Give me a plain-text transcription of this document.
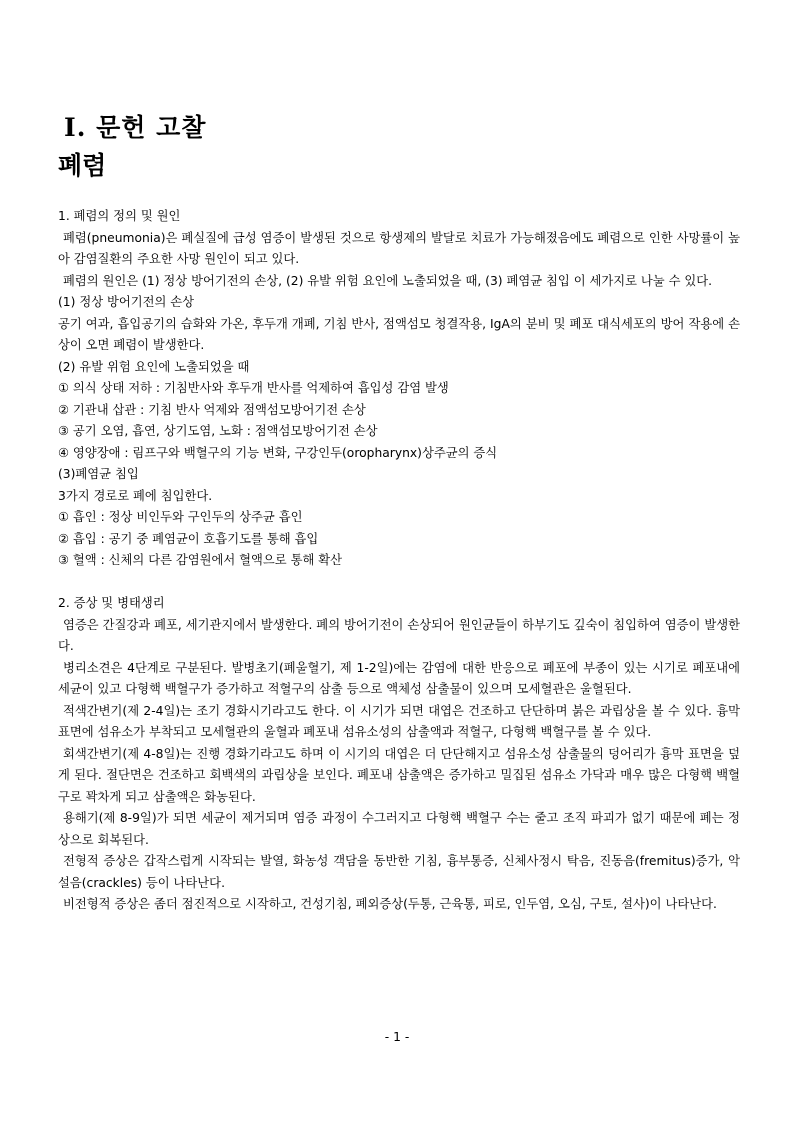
Ⅰ. 문헌 고찰
폐렴

1. 폐렴의 정의 및 원인

폐렴(pneumonia)은 폐실질에 급성 염증이 발생된 것으로 항생제의 발달로 치료가 가능해졌음에도 폐렴으로 인한 사망률이 높아 감염질환의 주요한 사망 원인이 되고 있다.

폐렴의 원인은 (1) 정상 방어기전의 손상, (2) 유발 위험 요인에 노출되었을 때, (3) 폐염균 침입 이 세가지로 나눌 수 있다.

(1) 정상 방어기전의 손상

공기 여과, 흡입공기의 습화와 가온, 후두개 개폐, 기침 반사, 점액섬모 청결작용, IgA의 분비 및 폐포 대식세포의 방어 작용에 손상이 오면 폐렴이 발생한다.

(2) 유발 위험 요인에 노출되었을 때

① 의식 상태 저하 : 기침반사와 후두개 반사를 억제하여 흡입성 감염 발생

② 기관내 삽관 : 기침 반사 억제와 점액섬모방어기전 손상

③ 공기 오염, 흡연, 상기도염, 노화 : 점액섬모방어기전 손상

④ 영양장애 : 림프구와 백혈구의 기능 변화, 구강인두(oropharynx)상주균의 증식

(3)폐염균 침입

3가지 경로로 폐에 침입한다.

① 흡인 : 정상 비인두와 구인두의 상주균 흡인

② 흡입 : 공기 중 폐염균이 호흡기도를 통해 흡입

③ 혈액 : 신체의 다른 감염원에서 혈액으로 통해 확산

2. 증상 및 병태생리

염증은 간질강과 폐포, 세기관지에서 발생한다. 폐의 방어기전이 손상되어 원인균들이 하부기도 깊숙이 침입하여 염증이 발생한다.

병리소견은 4단계로 구분된다. 발병초기(폐울혈기, 제 1-2일)에는 감염에 대한 반응으로 폐포에 부종이 있는 시기로 폐포내에 세균이 있고 다형핵 백혈구가 증가하고 적혈구의 삼출 등으로 액체성 삼출물이 있으며 모세혈관은 울혈된다.

적색간변기(제 2-4일)는 조기 경화시기라고도 한다. 이 시기가 되면 대엽은 건조하고 단단하며 붉은 과립상을 볼 수 있다. 흉막 표면에 섬유소가 부착되고 모세혈관의 울혈과 폐포내 섬유소성의 삼출액과 적혈구, 다형핵 백혈구를 볼 수 있다.

회색간변기(제 4-8일)는 진행 경화기라고도 하며 이 시기의 대엽은 더 단단해지고 섬유소성 삼출물의 덩어리가 흉막 표면을 덮게 된다. 절단면은 건조하고 회백색의 과립상을 보인다. 폐포내 삼출액은 증가하고 밀집된 섬유소 가닥과 매우 많은 다형핵 백혈구로 꽉차게 되고 삼출액은 화농된다.

용해기(제 8-9일)가 되면 세균이 제거되며 염증 과정이 수그러지고 다형핵 백혈구 수는 줄고 조직 파괴가 없기 때문에 폐는 정상으로 회복된다.

전형적 증상은 갑작스럽게 시작되는 발열, 화농성 객담을 동반한 기침, 흉부통증, 신체사정시 탁음, 진동음(fremitus)증가, 악설음(crackles) 등이 나타난다.

비전형적 증상은 좀더 점진적으로 시작하고, 건성기침, 폐외증상(두통, 근육통, 피로, 인두염, 오심, 구토, 설사)이 나타난다.

- 1 -
